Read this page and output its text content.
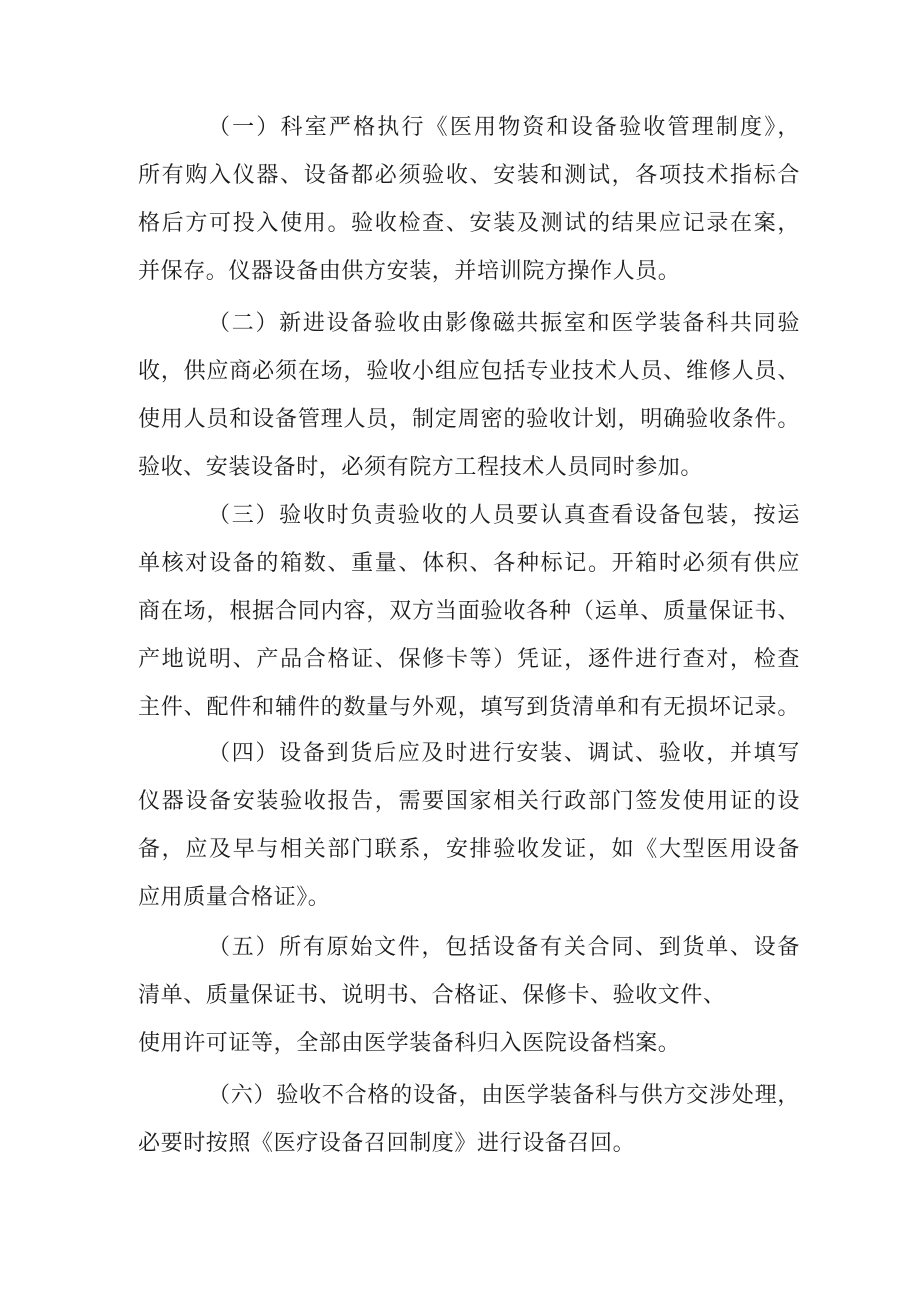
（一）科室严格执行《医用物资和设备验收管理制度》，
所有购入仪器、设备都必须验收、安装和测试，各项技术指标合
格后方可投入使用。验收检查、安装及测试的结果应记录在案，
并保存。仪器设备由供方安装，并培训院方操作人员。
（二）新进设备验收由影像磁共振室和医学装备科共同验
收，供应商必须在场，验收小组应包括专业技术人员、维修人员、
使用人员和设备管理人员，制定周密的验收计划，明确验收条件。
验收、安装设备时，必须有院方工程技术人员同时参加。
（三）验收时负责验收的人员要认真查看设备包装，按运
单核对设备的箱数、重量、体积、各种标记。开箱时必须有供应
商在场，根据合同内容，双方当面验收各种（运单、质量保证书、
产地说明、产品合格证、保修卡等）凭证，逐件进行查对，检查
主件、配件和辅件的数量与外观，填写到货清单和有无损坏记录。
（四）设备到货后应及时进行安装、调试、验收，并填写
仪器设备安装验收报告，需要国家相关行政部门签发使用证的设
备，应及早与相关部门联系，安排验收发证，如《大型医用设备
应用质量合格证》。
（五）所有原始文件，包括设备有关合同、到货单、设备
清单、质量保证书、说明书、合格证、保修卡、验收文件、
使用许可证等，全部由医学装备科归入医院设备档案。
（六）验收不合格的设备，由医学装备科与供方交涉处理，
必要时按照《医疗设备召回制度》进行设备召回。
